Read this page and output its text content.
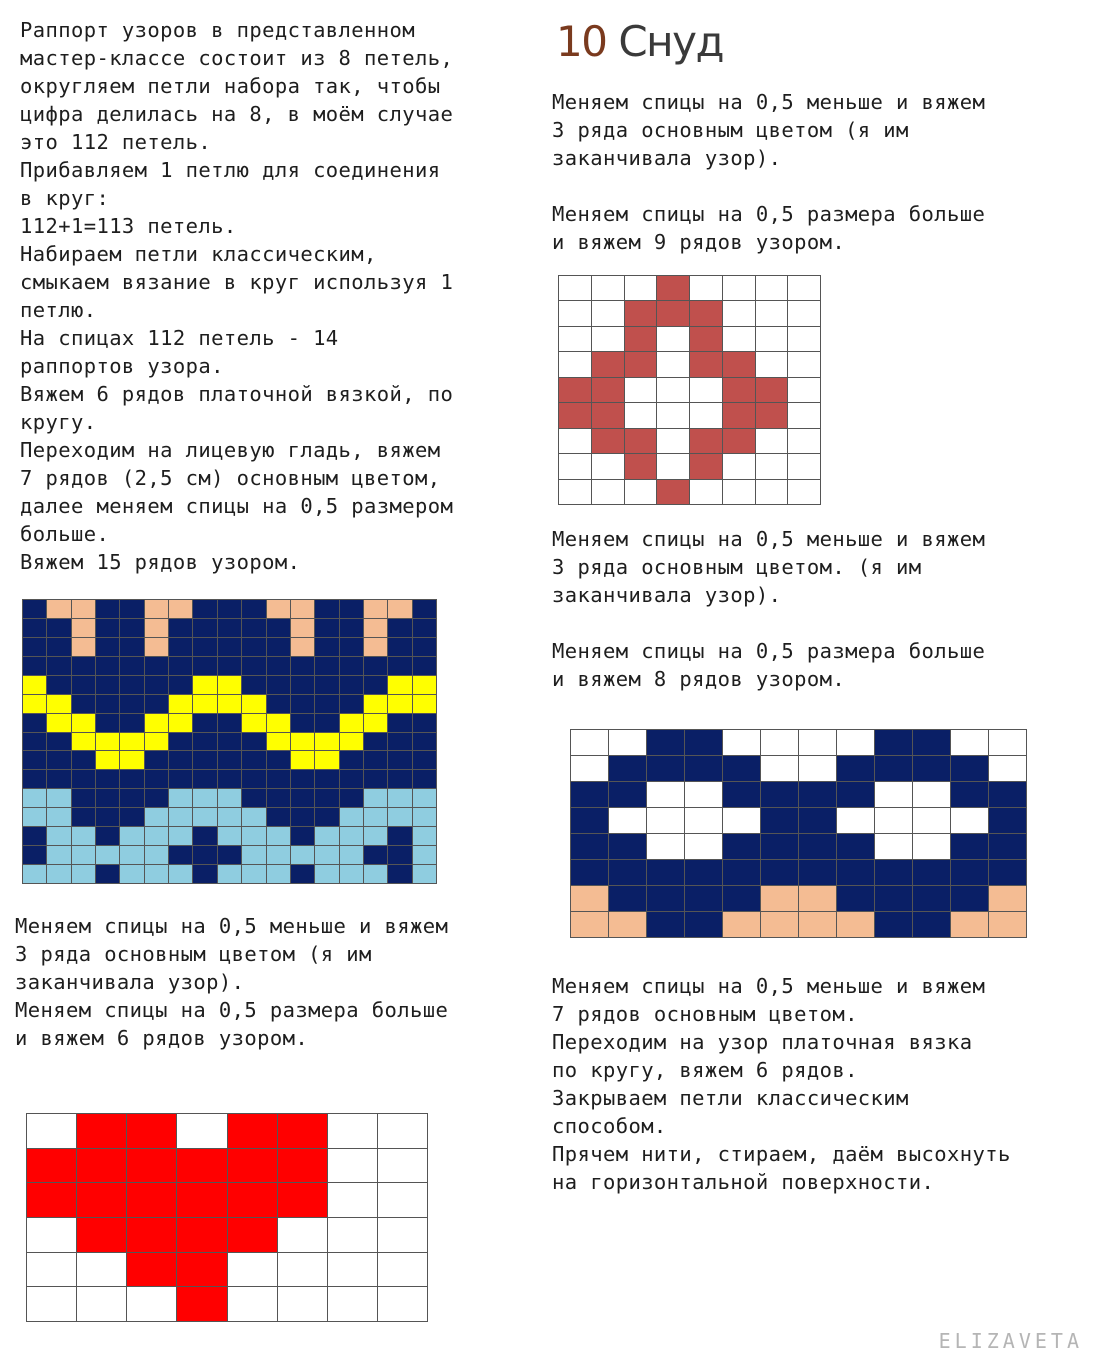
10 Снуд

Раппорт узоров в представленном
мастер-классе состоит из 8 петель,
округляем петли набора так, чтобы
цифра делилась на 8, в моём случае
это 112 петель.
Прибавляем 1 петлю для соединения
в круг:
112+1=113 петель.
Набираем петли классическим,
смыкаем вязание в круг используя 1
петлю.
На спицах 112 петель - 14
раппортов узора.
Вяжем 6 рядов платочной вязкой, по
кругу.
Переходим на лицевую гладь, вяжем
7 рядов (2,5 см) основным цветом,
далее меняем спицы на 0,5 размером
больше.
Вяжем 15 рядов узором.

Меняем спицы на 0,5 меньше и вяжем
3 ряда основным цветом (я им
заканчивала узор).
Меняем спицы на 0,5 размера больше
и вяжем 6 рядов узором.

Меняем спицы на 0,5 меньше и вяжем
3 ряда основным цветом (я им
заканчивала узор).

Меняем спицы на 0,5 размера больше
и вяжем 9 рядов узором.

Меняем спицы на 0,5 меньше и вяжем
3 ряда основным цветом. (я им
заканчивала узор).

Меняем спицы на 0,5 размера больше
и вяжем 8 рядов узором.

Меняем спицы на 0,5 меньше и вяжем
7 рядов основным цветом.
Переходим на узор платочная вязка
по кругу, вяжем 6 рядов.
Закрываем петли классическим
способом.
Прячем нити, стираем, даём высохнуть
на горизонтальной поверхности.

ELIZAVETA
